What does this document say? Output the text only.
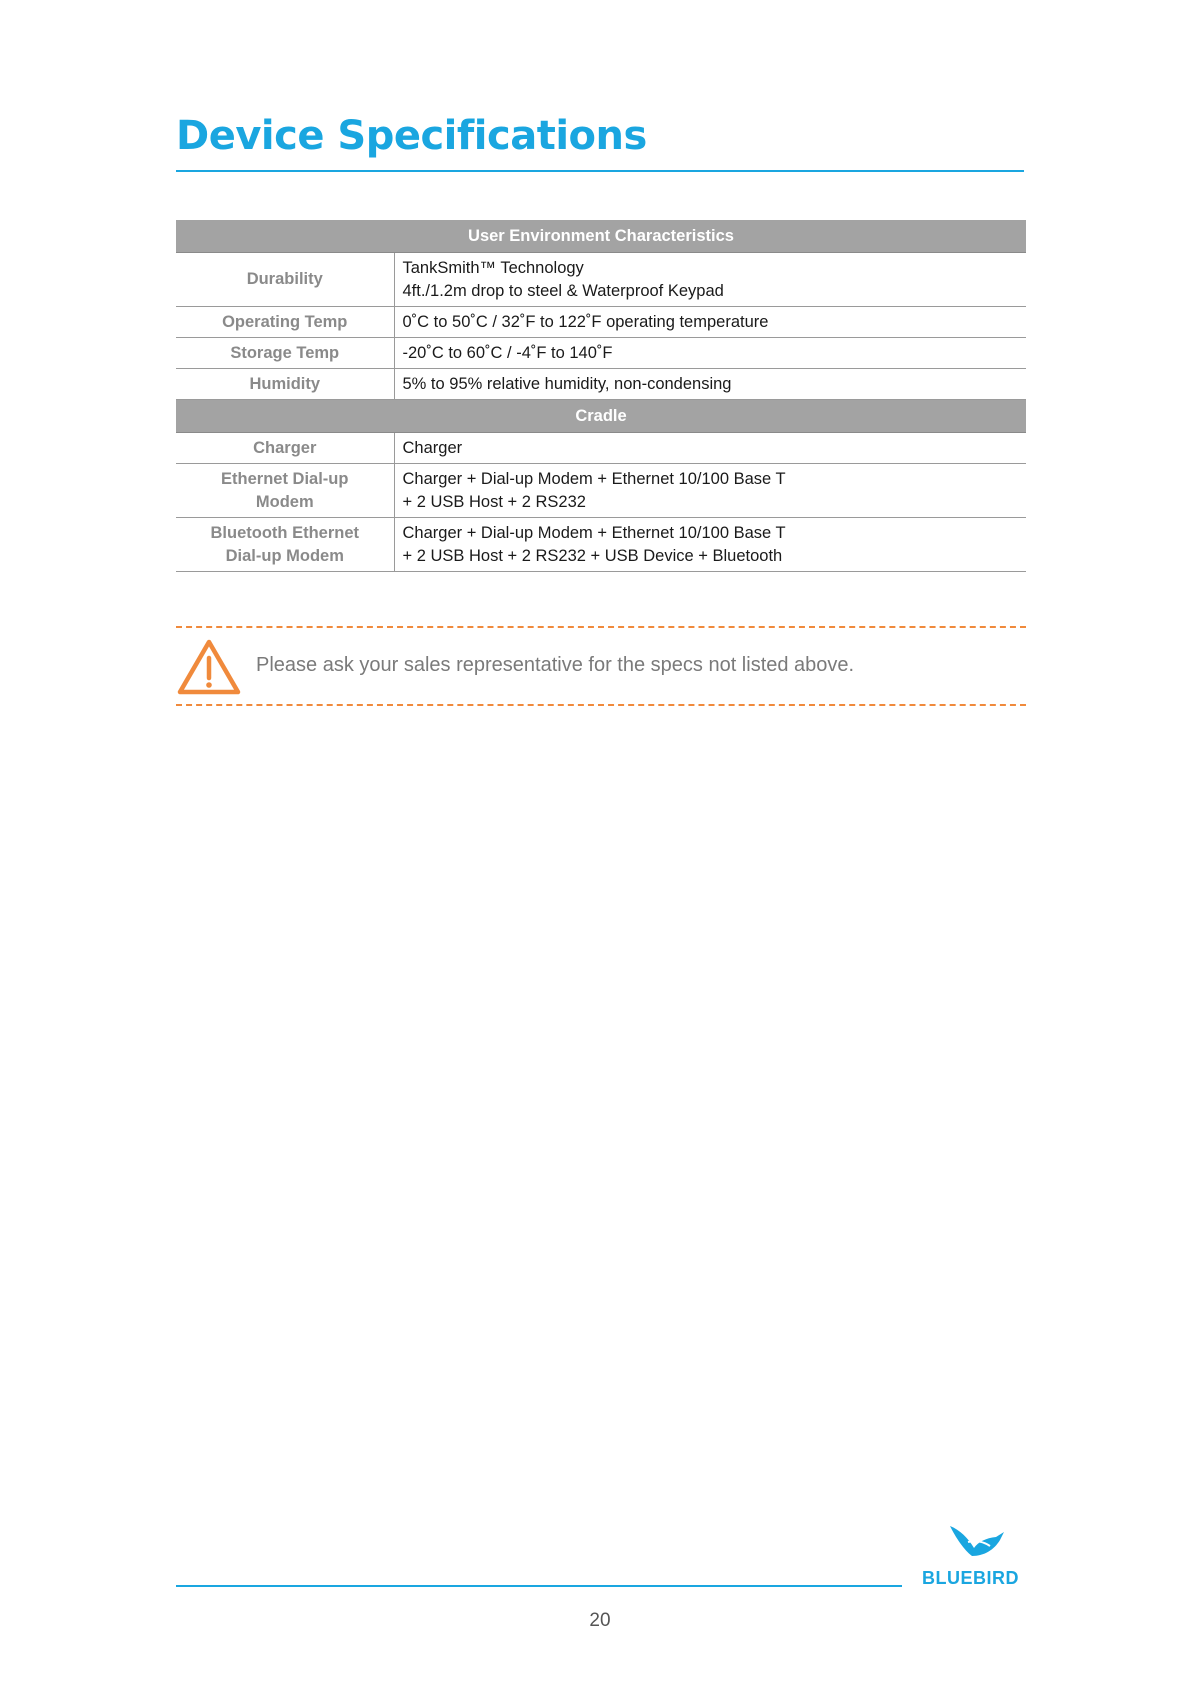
Device Specifications
User Environment Characteristics	
Durability	TankSmith™ Technology
4ft./1.2m drop to steel & Waterproof Keypad

Operating Temp	0˚C to 50˚C / 32˚F to 122˚F operating temperature

Storage Temp	-20˚C to 60˚C / -4˚F to 140˚F

Humidity	5% to 95% relative humidity, non-condensing

Cradle	
Charger	Charger

Ethernet Dial-up
Modem	Charger + Dial-up Modem + Ethernet 10/100 Base T
+ 2 USB Host + 2 RS232

Bluetooth Ethernet
Dial-up Modem	Charger + Dial-up Modem + Ethernet 10/100 Base T
+ 2 USB Host + 2 RS232 + USB Device + Bluetooth
Please ask your sales representative for the specs not listed above.
BLUEBIRD
20
